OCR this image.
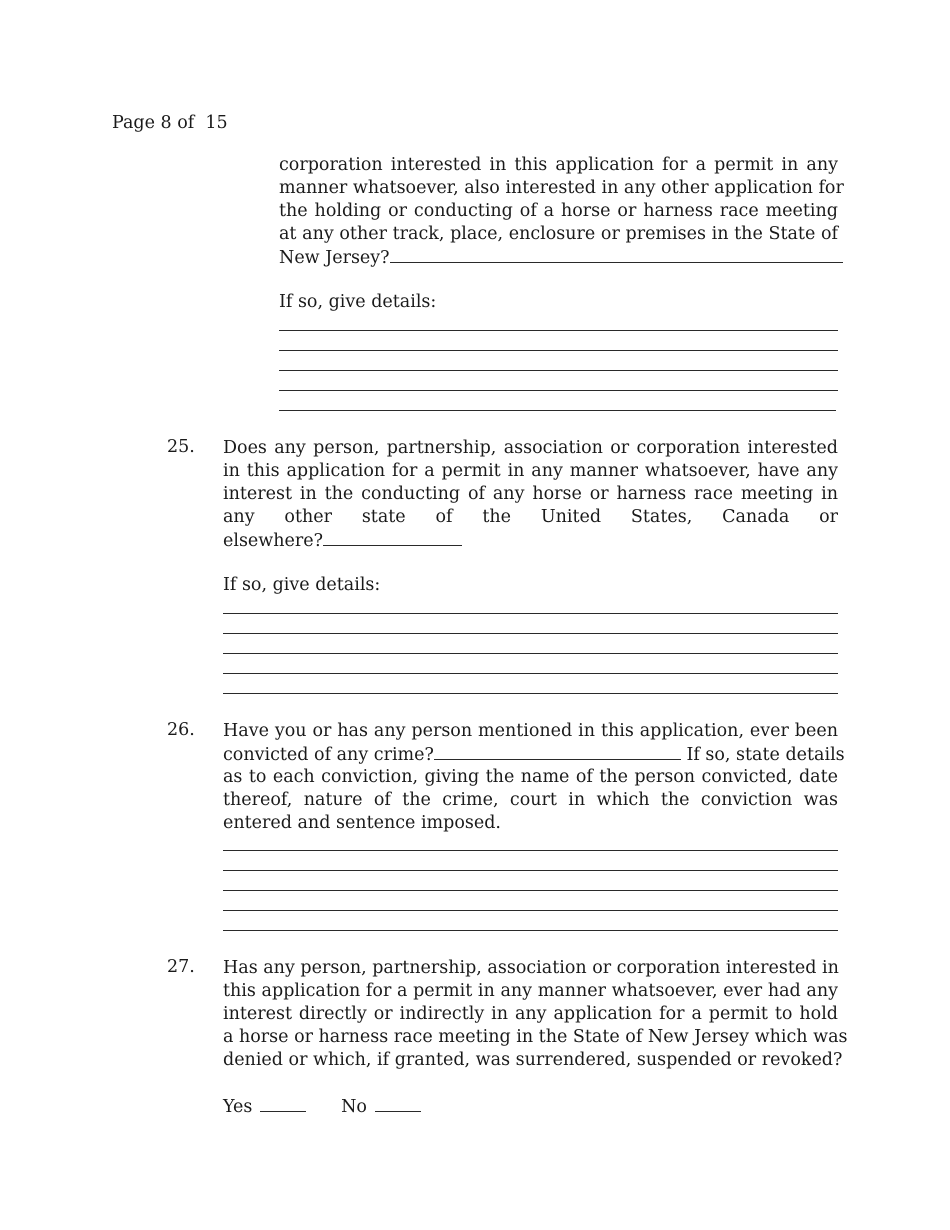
Page 8 of  15
corporation interested in this application for a permit in any
manner whatsoever, also interested in any other application for
the holding or conducting of a horse or harness race meeting
at any other track, place, enclosure or premises in the State of
New Jersey?
If so, give details:
25. Does any person, partnership, association or corporation interested
in this application for a permit in any manner whatsoever, have any
interest in the conducting of any horse or harness race meeting in
any other state of the United States, Canada or
elsewhere?
If so, give details:
26. Have you or has any person mentioned in this application, ever been
convicted of any crime?	If so, state details
as to each conviction, giving the name of the person convicted, date
thereof, nature of the crime, court in which the conviction was
entered and sentence imposed.
27. Has any person, partnership, association or corporation interested in
this application for a permit in any manner whatsoever, ever had any
interest directly or indirectly in any application for a permit to hold
a horse or harness race meeting in the State of New Jersey which was
denied or which, if granted, was surrendered, suspended or revoked?
Yes	No
